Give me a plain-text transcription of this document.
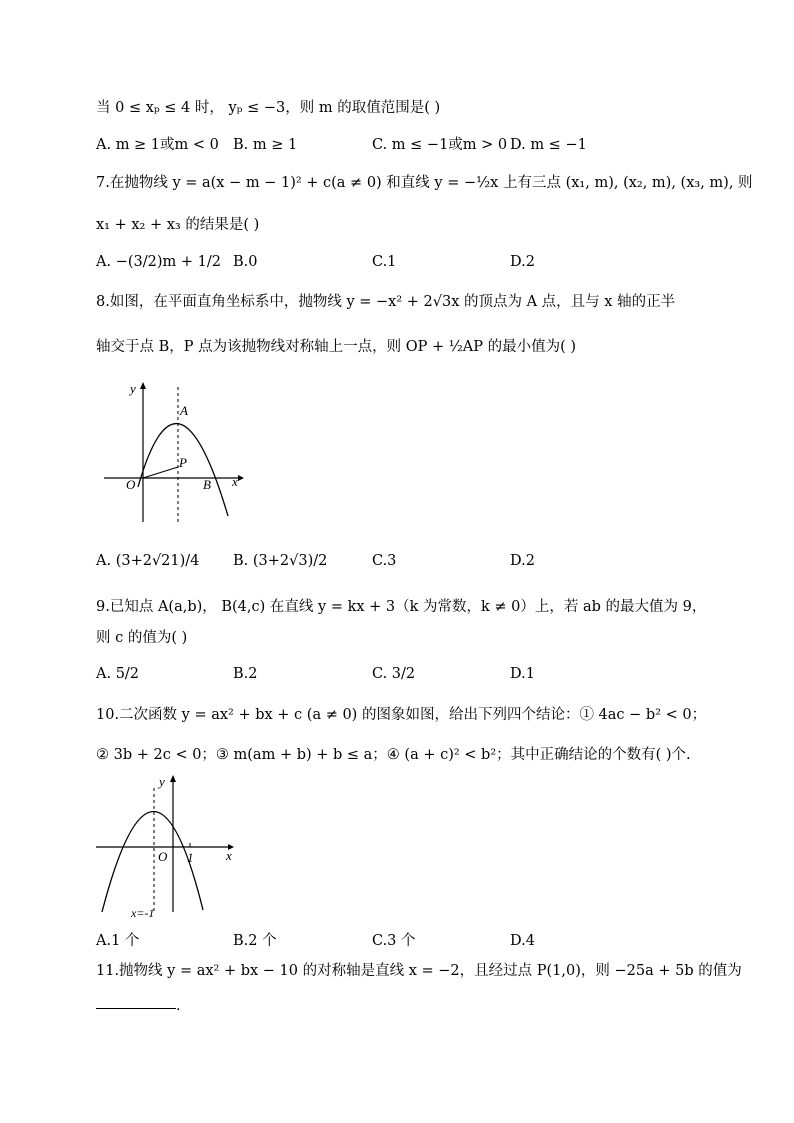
当 0 ≤ xₚ ≤ 4 时， yₚ ≤ −3，则 m 的取值范围是( )
A. m ≥ 1或m < 0 B. m ≥ 1	C. m ≤ −1或m > 0 D. m ≤ −1
7.在抛物线 y = a(x − m − 1)² + c(a ≠ 0) 和直线 y = −½x 上有三点 (x₁, m), (x₂, m), (x₃, m), 则
x₁ + x₂ + x₃ 的结果是( )
A. −(3/2)m + 1/2 B.0	C.1	D.2
8.如图，在平面直角坐标系中，抛物线 y = −x² + 2√3x 的顶点为 A 点，且与 x 轴的正半
轴交于点 B，P 点为该抛物线对称轴上一点，则 OP + ½AP 的最小值为( )
y
A
P
O	B x
A. (3+2√21)/4 B. (3+2√3)/2	C.3	D.2
9.已知点 A(a,b)， B(4,c) 在直线 y = kx + 3（k 为常数，k ≠ 0）上，若 ab 的最大值为 9，
则 c 的值为( )
A. 5/2	B.2	C. 3/2	D.1
10.二次函数 y = ax² + bx + c (a ≠ 0) 的图象如图，给出下列四个结论：① 4ac − b² < 0；
② 3b + 2c < 0；③ m(am + b) + b ≤ a；④ (a + c)² < b²；其中正确结论的个数有( )个.
y
O 1	x
x=-1
A.1 个	B.2 个	C.3 个	D.4
11.抛物线 y = ax² + bx − 10 的对称轴是直线 x = −2，且经过点 P(1,0)，则 −25a + 5b 的值为
.
